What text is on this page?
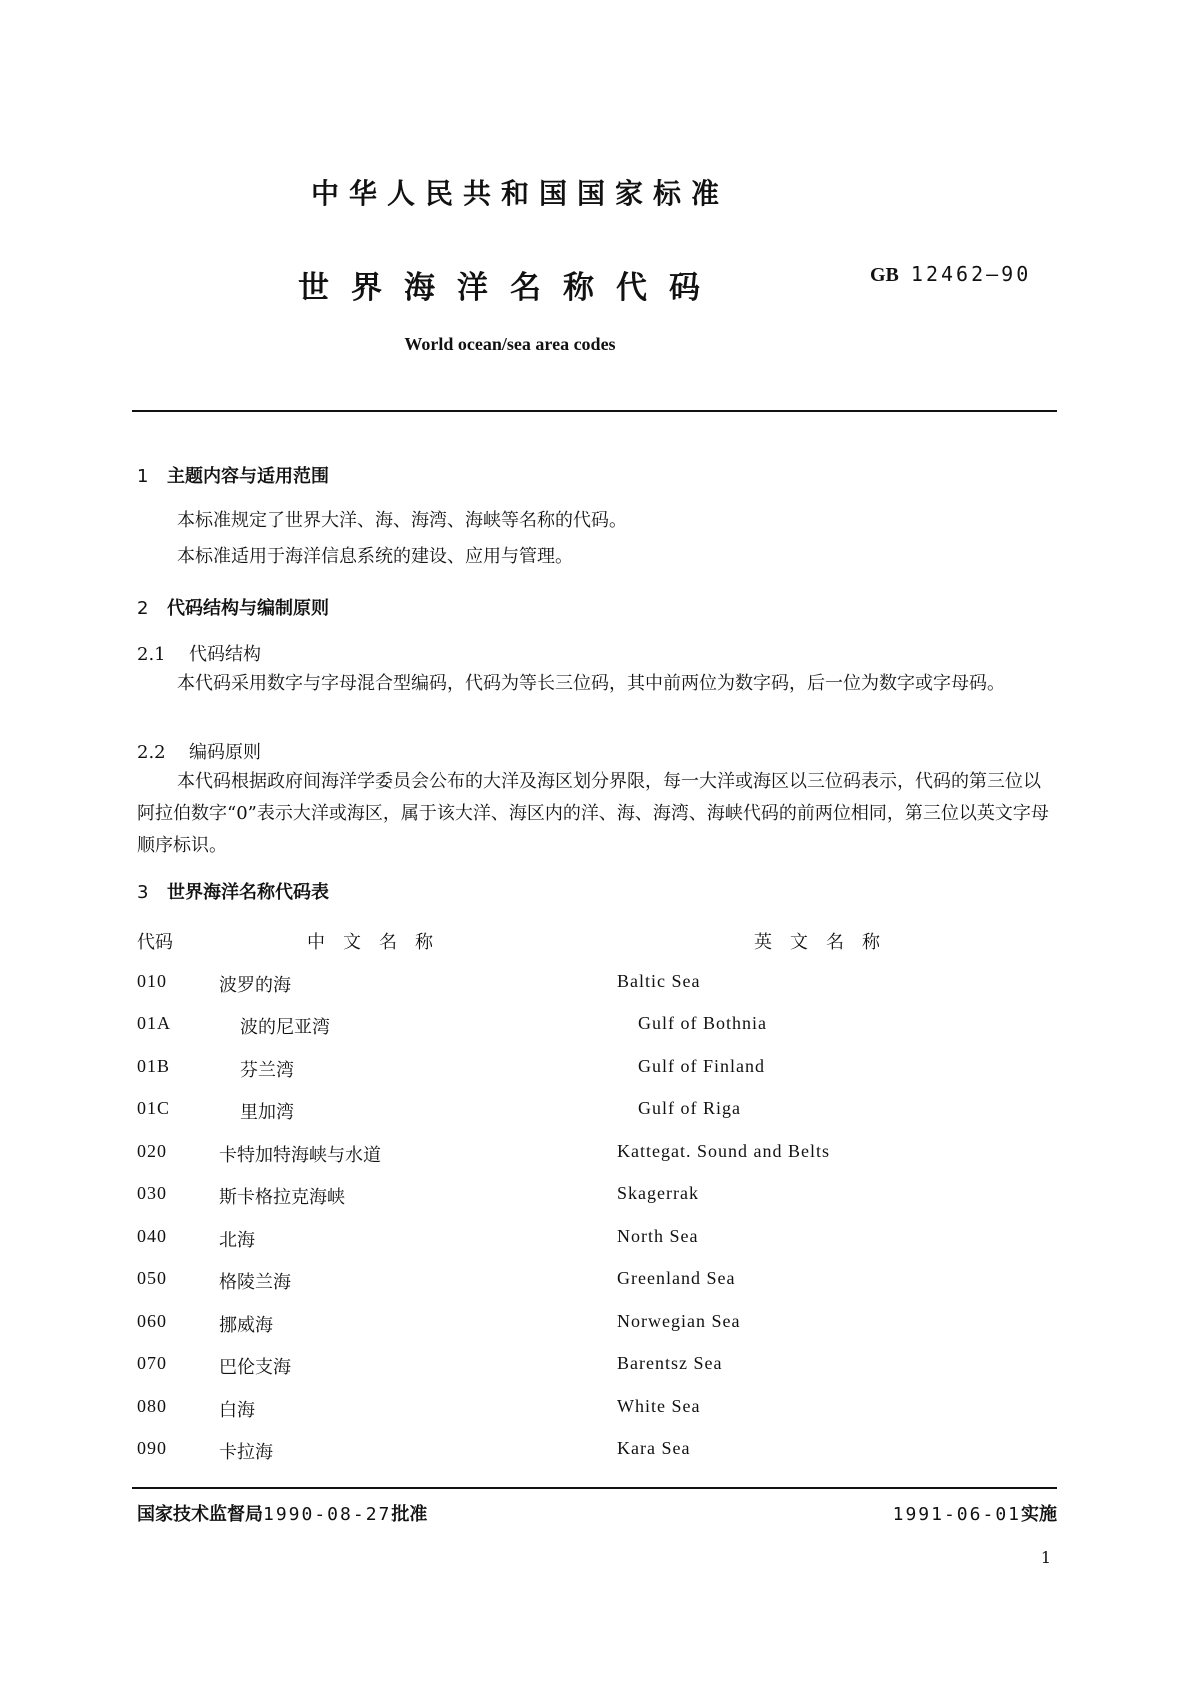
中华人民共和国国家标准
世界海洋名称代码	GB 12462—90
World ocean/sea area codes
1 主题内容与适用范围
本标准规定了世界大洋、海、海湾、海峡等名称的代码。
本标准适用于海洋信息系统的建设、应用与管理。
2 代码结构与编制原则
2.1 代码结构
本代码采用数字与字母混合型编码，代码为等长三位码，其中前两位为数字码，后一位为数字或字母码。
2.2 编码原则
本代码根据政府间海洋学委员会公布的大洋及海区划分界限，每一大洋或海区以三位码表示，代码的第三位以阿拉伯数字“0”表示大洋或海区，属于该大洋、海区内的洋、海、海湾、海峡代码的前两位相同，第三位以英文字母顺序标识。
3 世界海洋名称代码表
代码	中文名称	英文名称
010	波罗的海	Baltic Sea
01A	波的尼亚湾	Gulf of Bothnia
01B	芬兰湾	Gulf of Finland
01C	里加湾	Gulf of Riga
020	卡特加特海峡与水道	Kattegat. Sound and Belts
030	斯卡格拉克海峡	Skagerrak
040	北海	North Sea
050	格陵兰海	Greenland Sea
060	挪威海	Norwegian Sea
070	巴伦支海	Barentsz Sea
080	白海	White Sea
090	卡拉海	Kara Sea
国家技术监督局1990-08-27批准	1991-06-01实施
1
